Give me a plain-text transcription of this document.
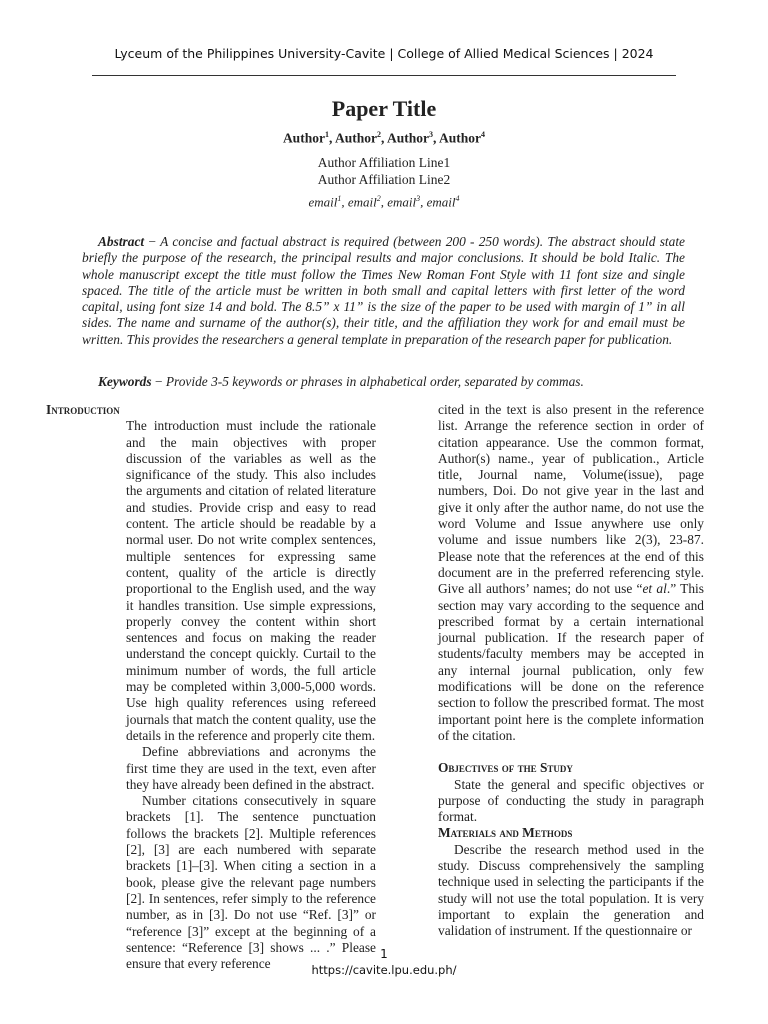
Lyceum of the Philippines University-Cavite | College of Allied Medical Sciences | 2024
Paper Title
Author$^1$, Author$^2$, Author$^3$, Author$^4$
Author Affiliation Line1
Author Affiliation Line2
email$^1$, email$^2$, email$^3$, email$^4$

Abstract − A concise and factual abstract is required (between 200 - 250 words). The abstract should state briefly the purpose of the research, the principal results and major conclusions. It should be bold Italic. The whole manuscript except the title must follow the Times New Roman Font Style with 11 font size and single spaced. The title of the article must be written in both small and capital letters with first letter of the word capital, using font size 14 and bold. The 8.5” x 11” is the size of the paper to be used with margin of 1” in all sides. The name and surname of the author(s), their title, and the affiliation they work for and email must be written. This provides the researchers a general template in preparation of the research paper for publication.

Keywords − Provide 3-5 keywords or phrases in alphabetical order, separated by commas.

Introduction

The introduction must include the rationale and the main objectives with proper discussion of the variables as well as the significance of the study. This also includes the arguments and citation of related literature and studies. Provide crisp and easy to read content. The article should be readable by a normal user. Do not write complex sentences, multiple sentences for expressing same content, quality of the article is directly proportional to the English used, and the way it handles transition. Use simple expressions, properly convey the content within short sentences and focus on making the reader understand the concept quickly. Curtail to the minimum number of words, the full article may be completed within 3,000-5,000 words. Use high quality references using refereed journals that match the content quality, use the details in the reference and properly cite them.

Define abbreviations and acronyms the first time they are used in the text, even after they have already been defined in the abstract.

Number citations consecutively in square brackets [1]. The sentence punctuation follows the brackets [2]. Multiple references [2], [3] are each numbered with separate brackets [1]–[3]. When citing a section in a book, please give the relevant page numbers [2]. In sentences, refer simply to the reference number, as in [3]. Do not use “Ref. [3]” or “reference [3]” except at the beginning of a sentence: “Reference [3] shows ... .” Please ensure that every reference

cited in the text is also present in the reference list. Arrange the reference section in order of citation appearance. Use the common format, Author(s) name., year of publication., Article title, Journal name, Volume(issue), page numbers, Doi. Do not give year in the last and give it only after the author name, do not use the word Volume and Issue anywhere use only volume and issue numbers like 2(3), 23-87. Please note that the references at the end of this document are in the preferred referencing style. Give all authors’ names; do not use “et al.” This section may vary according to the sequence and prescribed format by a certain international journal publication. If the research paper of students/faculty members may be accepted in any internal journal publication, only few modifications will be done on the reference section to follow the prescribed format. The most important point here is the complete information of the citation.

Objectives of the Study

State the general and specific objectives or purpose of conducting the study in paragraph format.

Materials and Methods

Describe the research method used in the study. Discuss comprehensively the sampling technique used in selecting the participants if the study will not use the total population. It is very important to explain the generation and validation of instrument. If the questionnaire or

1
https://cavite.lpu.edu.ph/
